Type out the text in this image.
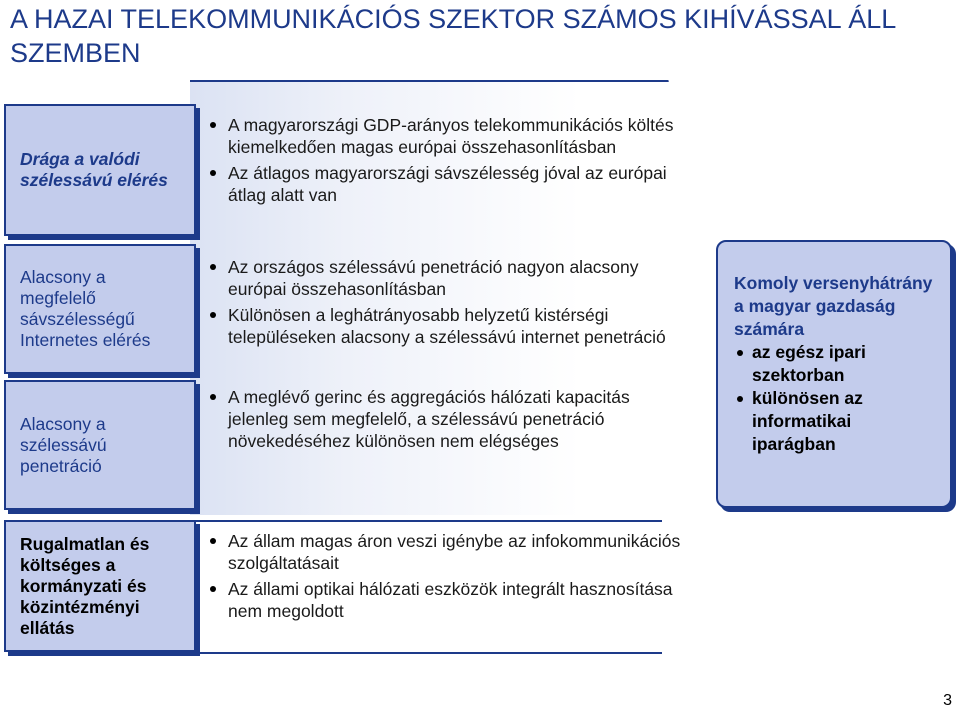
A HAZAI TELEKOMMUNIKÁCIÓS SZEKTOR SZÁMOS KIHÍVÁSSAL ÁLL SZEMBEN
Drága a valódi szélessávú elérés
Alacsony a megfelelő sávszélességű Internetes elérés
Alacsony a szélessávú penetráció
Rugalmatlan és költséges a kormányzati és közintézményi ellátás
A magyarországi GDP-arányos telekommunikációs költés kiemelkedően magas európai összehasonlításban
Az átlagos magyarországi sávszélesség jóval az európai átlag alatt van
Az országos szélessávú penetráció nagyon alacsony európai összehasonlításban
Különösen a leghátrányosabb helyzetű kistérségi településeken alacsony a szélessávú internet penetráció
A meglévő gerinc és aggregációs hálózati kapacitás jelenleg sem megfelelő, a szélessávú penetráció növekedéséhez különösen nem elégséges
Az állam magas áron veszi igénybe az infokommunikációs szolgáltatásait
Az állami optikai hálózati eszközök integrált hasznosítása nem megoldott
Komoly versenyhátrány a magyar gazdaság számára
az egész ipari szektorban
különösen az informatikai iparágban
3
